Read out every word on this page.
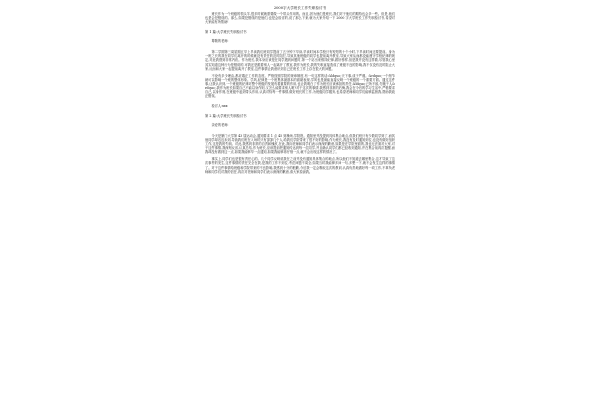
2000字大学班长工作失职检讨书
班长作为一个班级的领头羊,很多时候就需要做一个带头作用的。而且,因为他们是班长,我们对于他们的期待也会多一些。但是,他们也是会犯错误的。那么,如果犯错误的是他们,也是会检讨的,说了那么下来,就为大家介绍一下 2000 字大学班长工作失职检讨书,希望对大家能有所帮助!
第 1 篇:大学班长失职检讨书
尊敬的老师:
第二学期第三周星期五早上早读我们班同学提前了五分钟下早读,早读时间本学校只有短短的十个小时,下早读时间还要提前。身为一班之长的我在同学们离开的时候就没有责任的及时阻拦,导致其他班级的同学也提前离开教室,导致大家从而都没能遵守学校纪律的规定,对此我感到非常内疚。作为班长,我本身应该是在同学遇到问题时,第一个站出来维持纪律,做好榜样,但是我并没有这样做,尽管我心里其实知道这种行为是错误的,可我还是跟着别人一起离开了教室,我作为班长,我的失职直接造成了班级不良的影响,我不仅没有及时阻止大家,反而和大家一起提前离开了教室,这件事情让我意识到自己在班长工作上存在很大的问题。
不论有多少理由,都应端正工作的态度。严格按照学院的规章制度,有一句这样的话:&ldquo;天下事,成于严谨。&rdquo;一个细节就可以影响一个班的整体形象。学风,纪律是一个班集体最基本的面貌表现,学风也是最能直接反映一个班级的一个重要方面。通过这件事,让我认识到,一个班级的纪律对整个班级的发展有着重要的作用,也让我明白了作为班长应该承担的责任,&ldquo;己所不欲,勿施于人&rdquo;,我作为班长如果自己不能以身作则,又怎么能要求别人呢?对于这次的事情,我感到非常的后悔,我会在今后的学习生活中,严格要求自己,以身作则,在班级中起到带头作用,认真对待每一件事情,做好班长的工作,为班级同学服务,也希望老师和同学们能够监督我,帮助我改正错误。
检讨人:xxx
第 2 篇:大学班长失职检讨书
亲爱的老师:
今天是厦门大学第 43 届运动会,通知要求 1 点 45 到操场,学院报。通知里并没提到具体集合地点,但我们班只有少数同学到了,而其他同学却迟迟未到,导致我们班在入场时只有寥寥几个人,给我们学院带来了很不好的影响,作为班长,我没有及时通知到位,也没有做好组织工作,这是我的失职。对此,我感到非常的自责和愧疚,在此,我向老师和同学们表示深深的歉意,如果是在学院里面的,我也无法面对大家,对于这件事情,我深刻反省,认真总结,作为班长,应该提前把通知传达到每一位同学,并且确认同学们都已经收到通知,并在集合前再次提醒,而我却没有做到这一点,如果我能够早一点通知,如果我能够再仔细一点,就不会出现这样的情况了。
事实上,同学们也是很有责任心的。几个同学反映说我在之前并没有通知具体集合的地点,所以他们不知道去哪里集合,这才导致了这次事件的发生,这件事情的责任完全在我,是我的工作不到位,考虑问题不周全,如果当时我能够多问一句,多想一下,就不会发生这样的事情了。对于这件事情给班级和学院带来的不良影响,我感到十分的抱歉,今后我一定会吸取这次的教训,认真负责地做好每一项工作,不辜负老师和同学们对我的信任,再次对老师和同学们表示深深的歉意,请大家原谅我。
